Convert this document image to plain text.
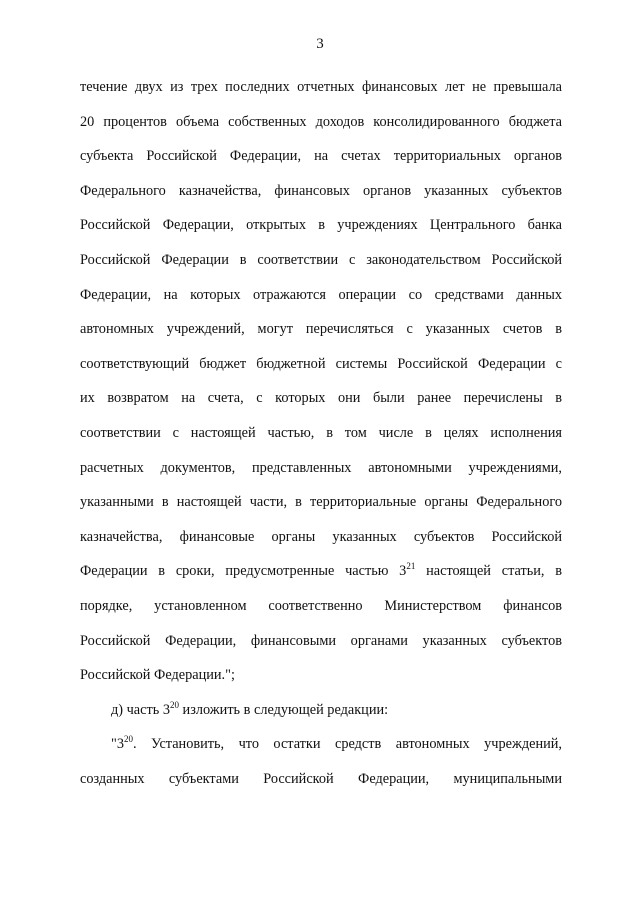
3
течение двух из трех последних отчетных финансовых лет не превышала
20 процентов объема собственных доходов консолидированного бюджета
субъекта Российской Федерации, на счетах территориальных органов
Федерального казначейства, финансовых органов указанных субъектов
Российской Федерации, открытых в учреждениях Центрального банка
Российской Федерации в соответствии с законодательством Российской
Федерации, на которых отражаются операции со средствами данных
автономных учреждений, могут перечисляться с указанных счетов в
соответствующий бюджет бюджетной системы Российской Федерации с
их возвратом на счета, с которых они были ранее перечислены в
соответствии с настоящей частью, в том числе в целях исполнения
расчетных документов, представленных автономными учреждениями,
указанными в настоящей части, в территориальные органы Федерального
казначейства, финансовые органы указанных субъектов Российской
Федерации в сроки, предусмотренные частью $3^{21}$ настоящей статьи, в
порядке, установленном соответственно Министерством финансов
Российской Федерации, финансовыми органами указанных субъектов
Российской Федерации.";
д) часть $3^{20}$ изложить в следующей редакции:
"$3^{20}$. Установить, что остатки средств автономных учреждений,
созданных субъектами Российской Федерации, муниципальными
